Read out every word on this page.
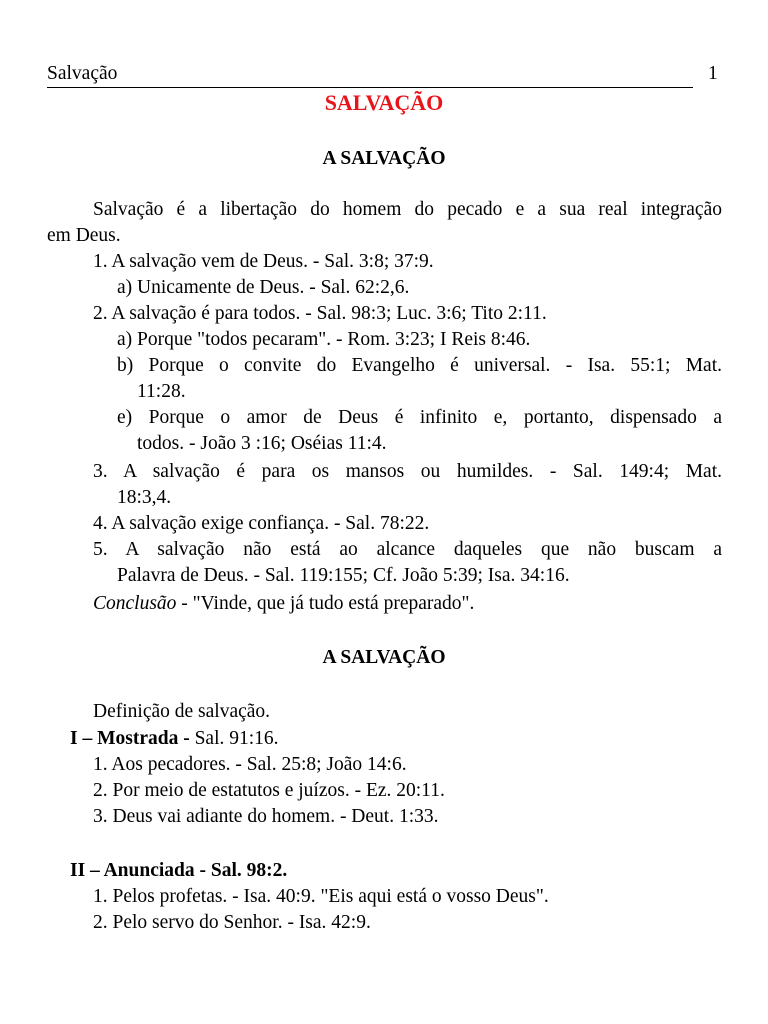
Salvação	1
SALVAÇÃO
A SALVAÇÃO
Salvação é a libertação do homem do pecado e a sua real integração
em Deus.
1. A salvação vem de Deus. - Sal. 3:8; 37:9.
a) Unicamente de Deus. - Sal. 62:2,6.
2. A salvação é para todos. - Sal. 98:3; Luc. 3:6; Tito 2:11.
a) Porque "todos pecaram". - Rom. 3:23; I Reis 8:46.
b) Porque o convite do Evangelho é universal. - Isa. 55:1; Mat.
11:28.
e) Porque o amor de Deus é infinito e, portanto, dispensado a
todos. - João 3 :16; Oséias 11:4.
3. A salvação é para os mansos ou humildes. - Sal. 149:4; Mat.
18:3,4.
4. A salvação exige confiança. - Sal. 78:22.
5. A salvação não está ao alcance daqueles que não buscam a
Palavra de Deus. - Sal. 119:155; Cf. João 5:39; Isa. 34:16.
Conclusão - "Vinde, que já tudo está preparado".
A SALVAÇÃO
Definição de salvação.
I – Mostrada - Sal. 91:16.
1. Aos pecadores. - Sal. 25:8; João 14:6.
2. Por meio de estatutos e juízos. - Ez. 20:11.
3. Deus vai adiante do homem. - Deut. 1:33.
II – Anunciada - Sal. 98:2.
1. Pelos profetas. - Isa. 40:9. "Eis aqui está o vosso Deus".
2. Pelo servo do Senhor. - Isa. 42:9.
